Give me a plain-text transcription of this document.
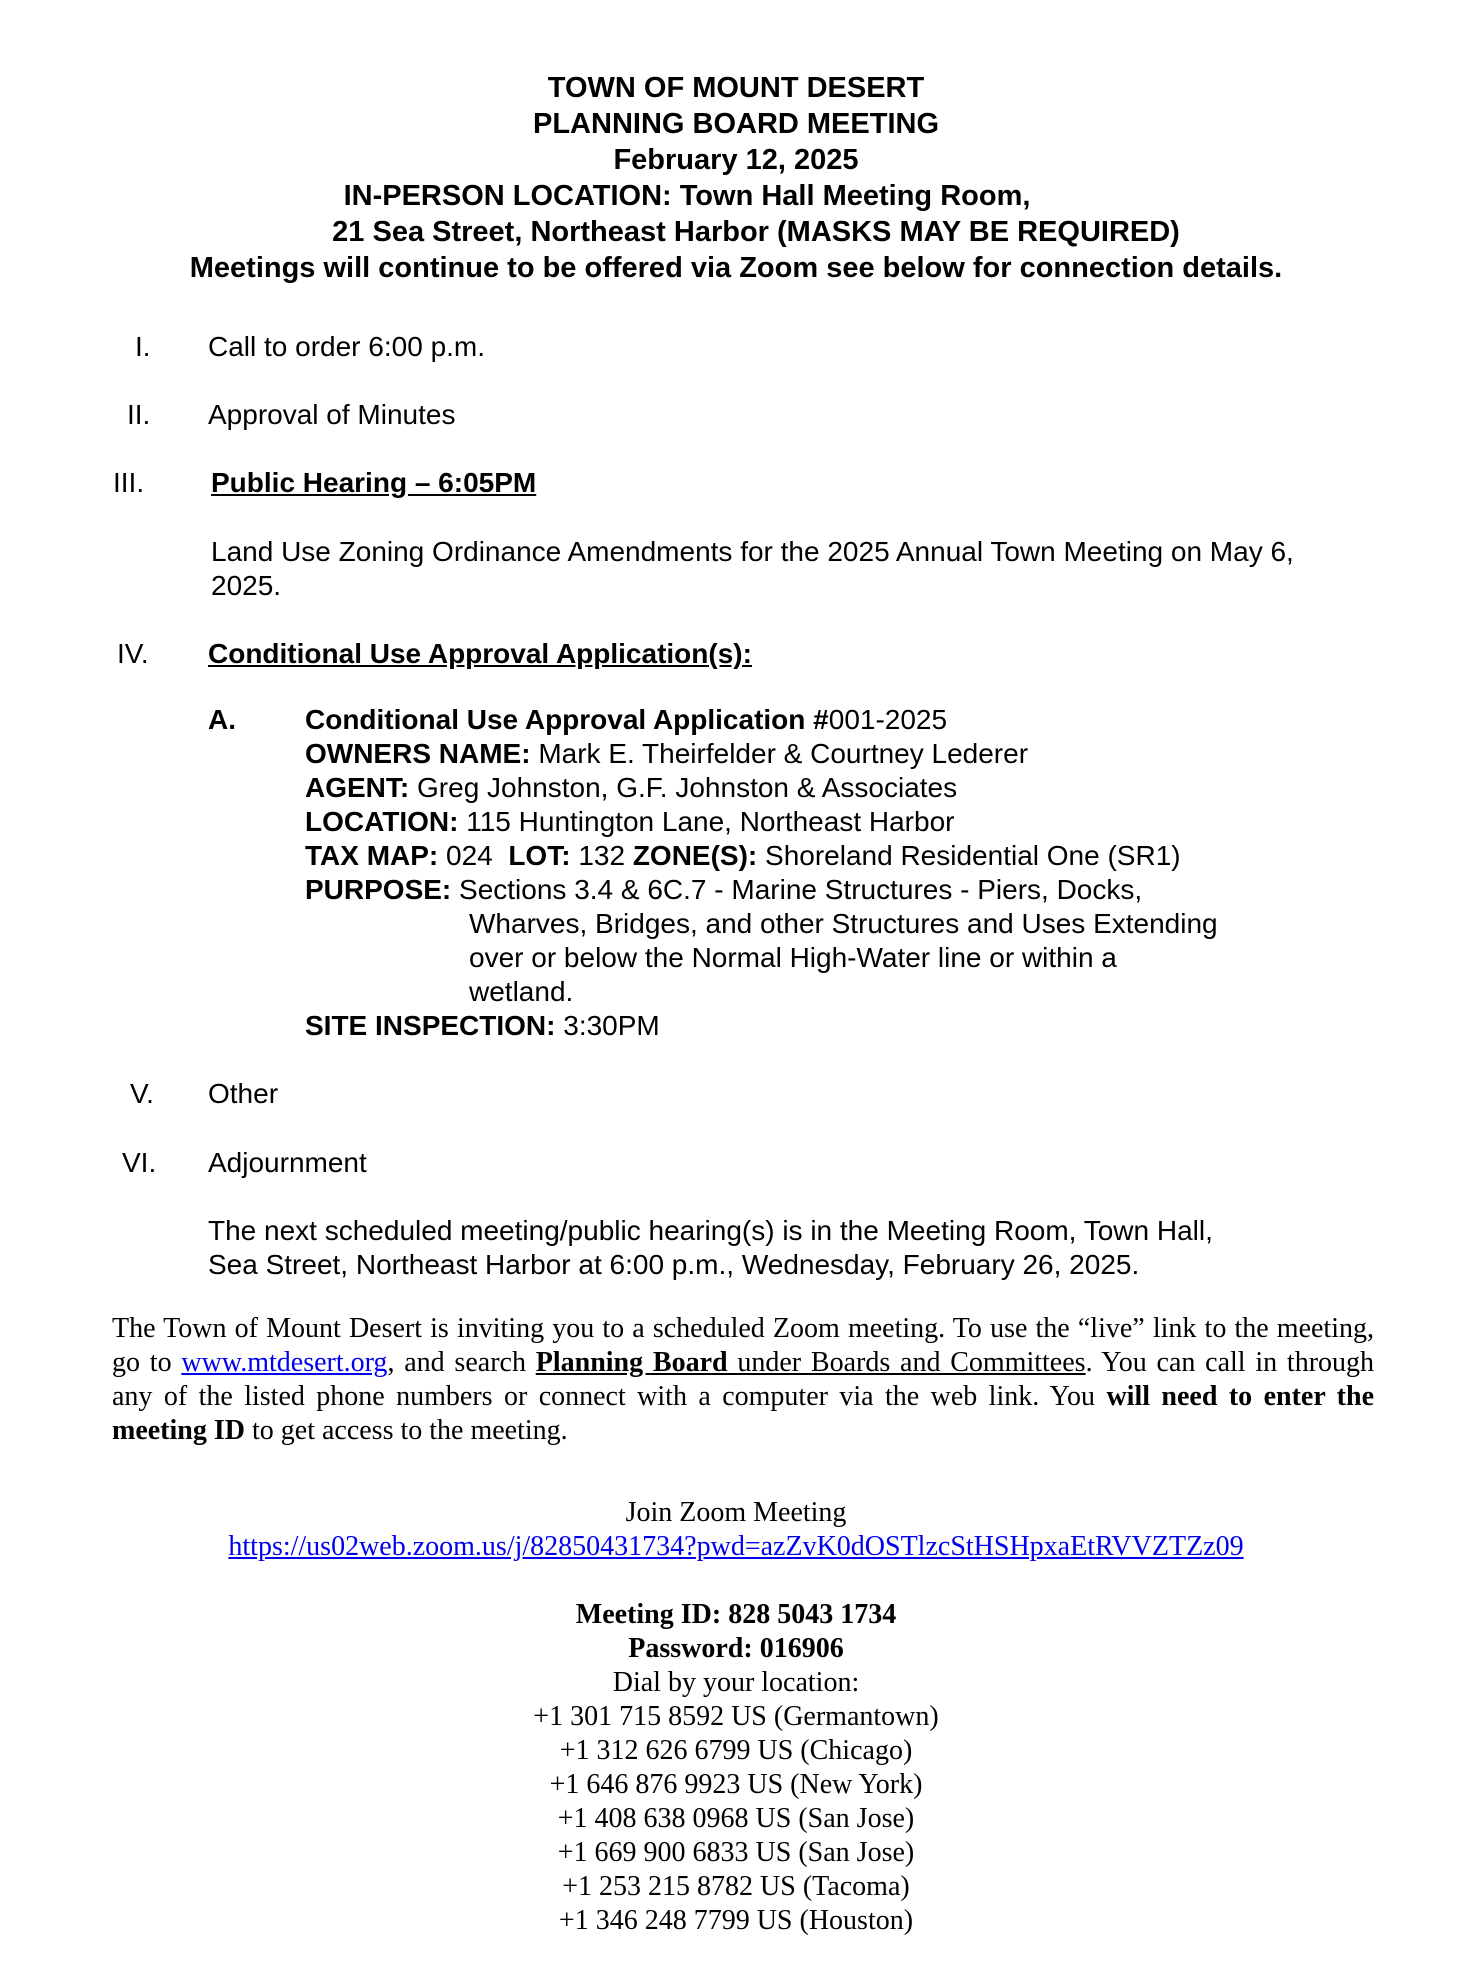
TOWN OF MOUNT DESERT
PLANNING BOARD MEETING
February 12, 2025
IN-PERSON LOCATION: Town Hall Meeting Room,
21 Sea Street, Northeast Harbor (MASKS MAY BE REQUIRED)
Meetings will continue to be offered via Zoom see below for connection details.
I. Call to order 6:00 p.m.
II. Approval of Minutes
III. Public Hearing – 6:05PM
Land Use Zoning Ordinance Amendments for the 2025 Annual Town Meeting on May 6,
2025.
IV. Conditional Use Approval Application(s):
A. Conditional Use Approval Application #001-2025
OWNERS NAME: Mark E. Theirfelder & Courtney Lederer
AGENT: Greg Johnston, G.F. Johnston & Associates
LOCATION: 115 Huntington Lane, Northeast Harbor
TAX MAP: 024 LOT: 132 ZONE(S): Shoreland Residential One (SR1)
PURPOSE: Sections 3.4 & 6C.7 - Marine Structures - Piers, Docks,
Wharves, Bridges, and other Structures and Uses Extending
over or below the Normal High-Water line or within a
wetland.
SITE INSPECTION: 3:30PM
V. Other
VI. Adjournment
The next scheduled meeting/public hearing(s) is in the Meeting Room, Town Hall,
Sea Street, Northeast Harbor at 6:00 p.m., Wednesday, February 26, 2025.
The Town of Mount Desert is inviting you to a scheduled Zoom meeting. To use the “live” link to the meeting, go to www.mtdesert.org, and search Planning Board under Boards and Committees. You can call in through any of the listed phone numbers or connect with a computer via the web link. You will need to enter the meeting ID to get access to the meeting.
Join Zoom Meeting
https://us02web.zoom.us/j/82850431734?pwd=azZvK0dOSTlzcStHSHpxaEtRVVZTZz09
Meeting ID: 828 5043 1734
Password: 016906
Dial by your location:
+1 301 715 8592 US (Germantown)
+1 312 626 6799 US (Chicago)
+1 646 876 9923 US (New York)
+1 408 638 0968 US (San Jose)
+1 669 900 6833 US (San Jose)
+1 253 215 8782 US (Tacoma)
+1 346 248 7799 US (Houston)
